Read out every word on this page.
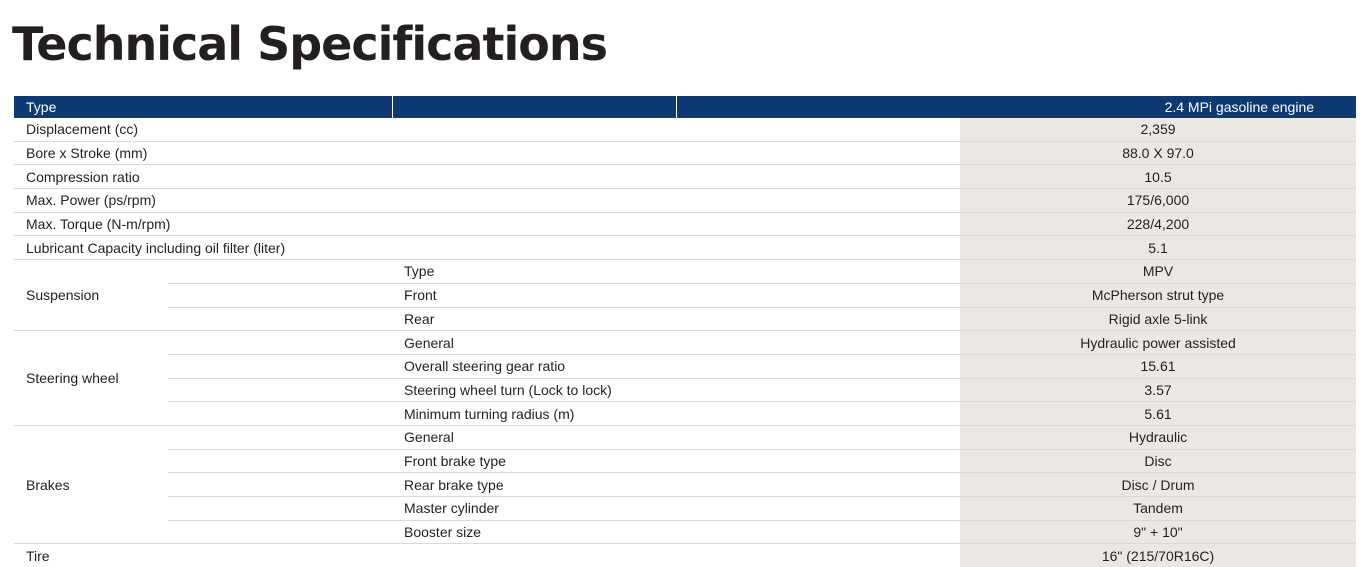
Technical Specifications
Type			2.4 MPi gasoline engine	
Displacement (cc)				2,359
Bore x Stroke (mm)				88.0 X 97.0
Compression ratio				10.5
Max. Power (ps/rpm)				175/6,000
Max. Torque (N-m/rpm)				228/4,200
Lubricant Capacity including oil filter (liter)				5.1
Suspension		Type		MPV
		Front		McPherson strut type
		Rear		Rigid axle 5-link
Steering wheel		General		Hydraulic power assisted
		Overall steering gear ratio		15.61
		Steering wheel turn (Lock to lock)		3.57
		Minimum turning radius (m)		5.61
Brakes		General		Hydraulic
		Front brake type		Disc
		Rear brake type		Disc / Drum
		Master cylinder		Tandem
		Booster size		9" + 10"
Tire				16" (215/70R16C)
